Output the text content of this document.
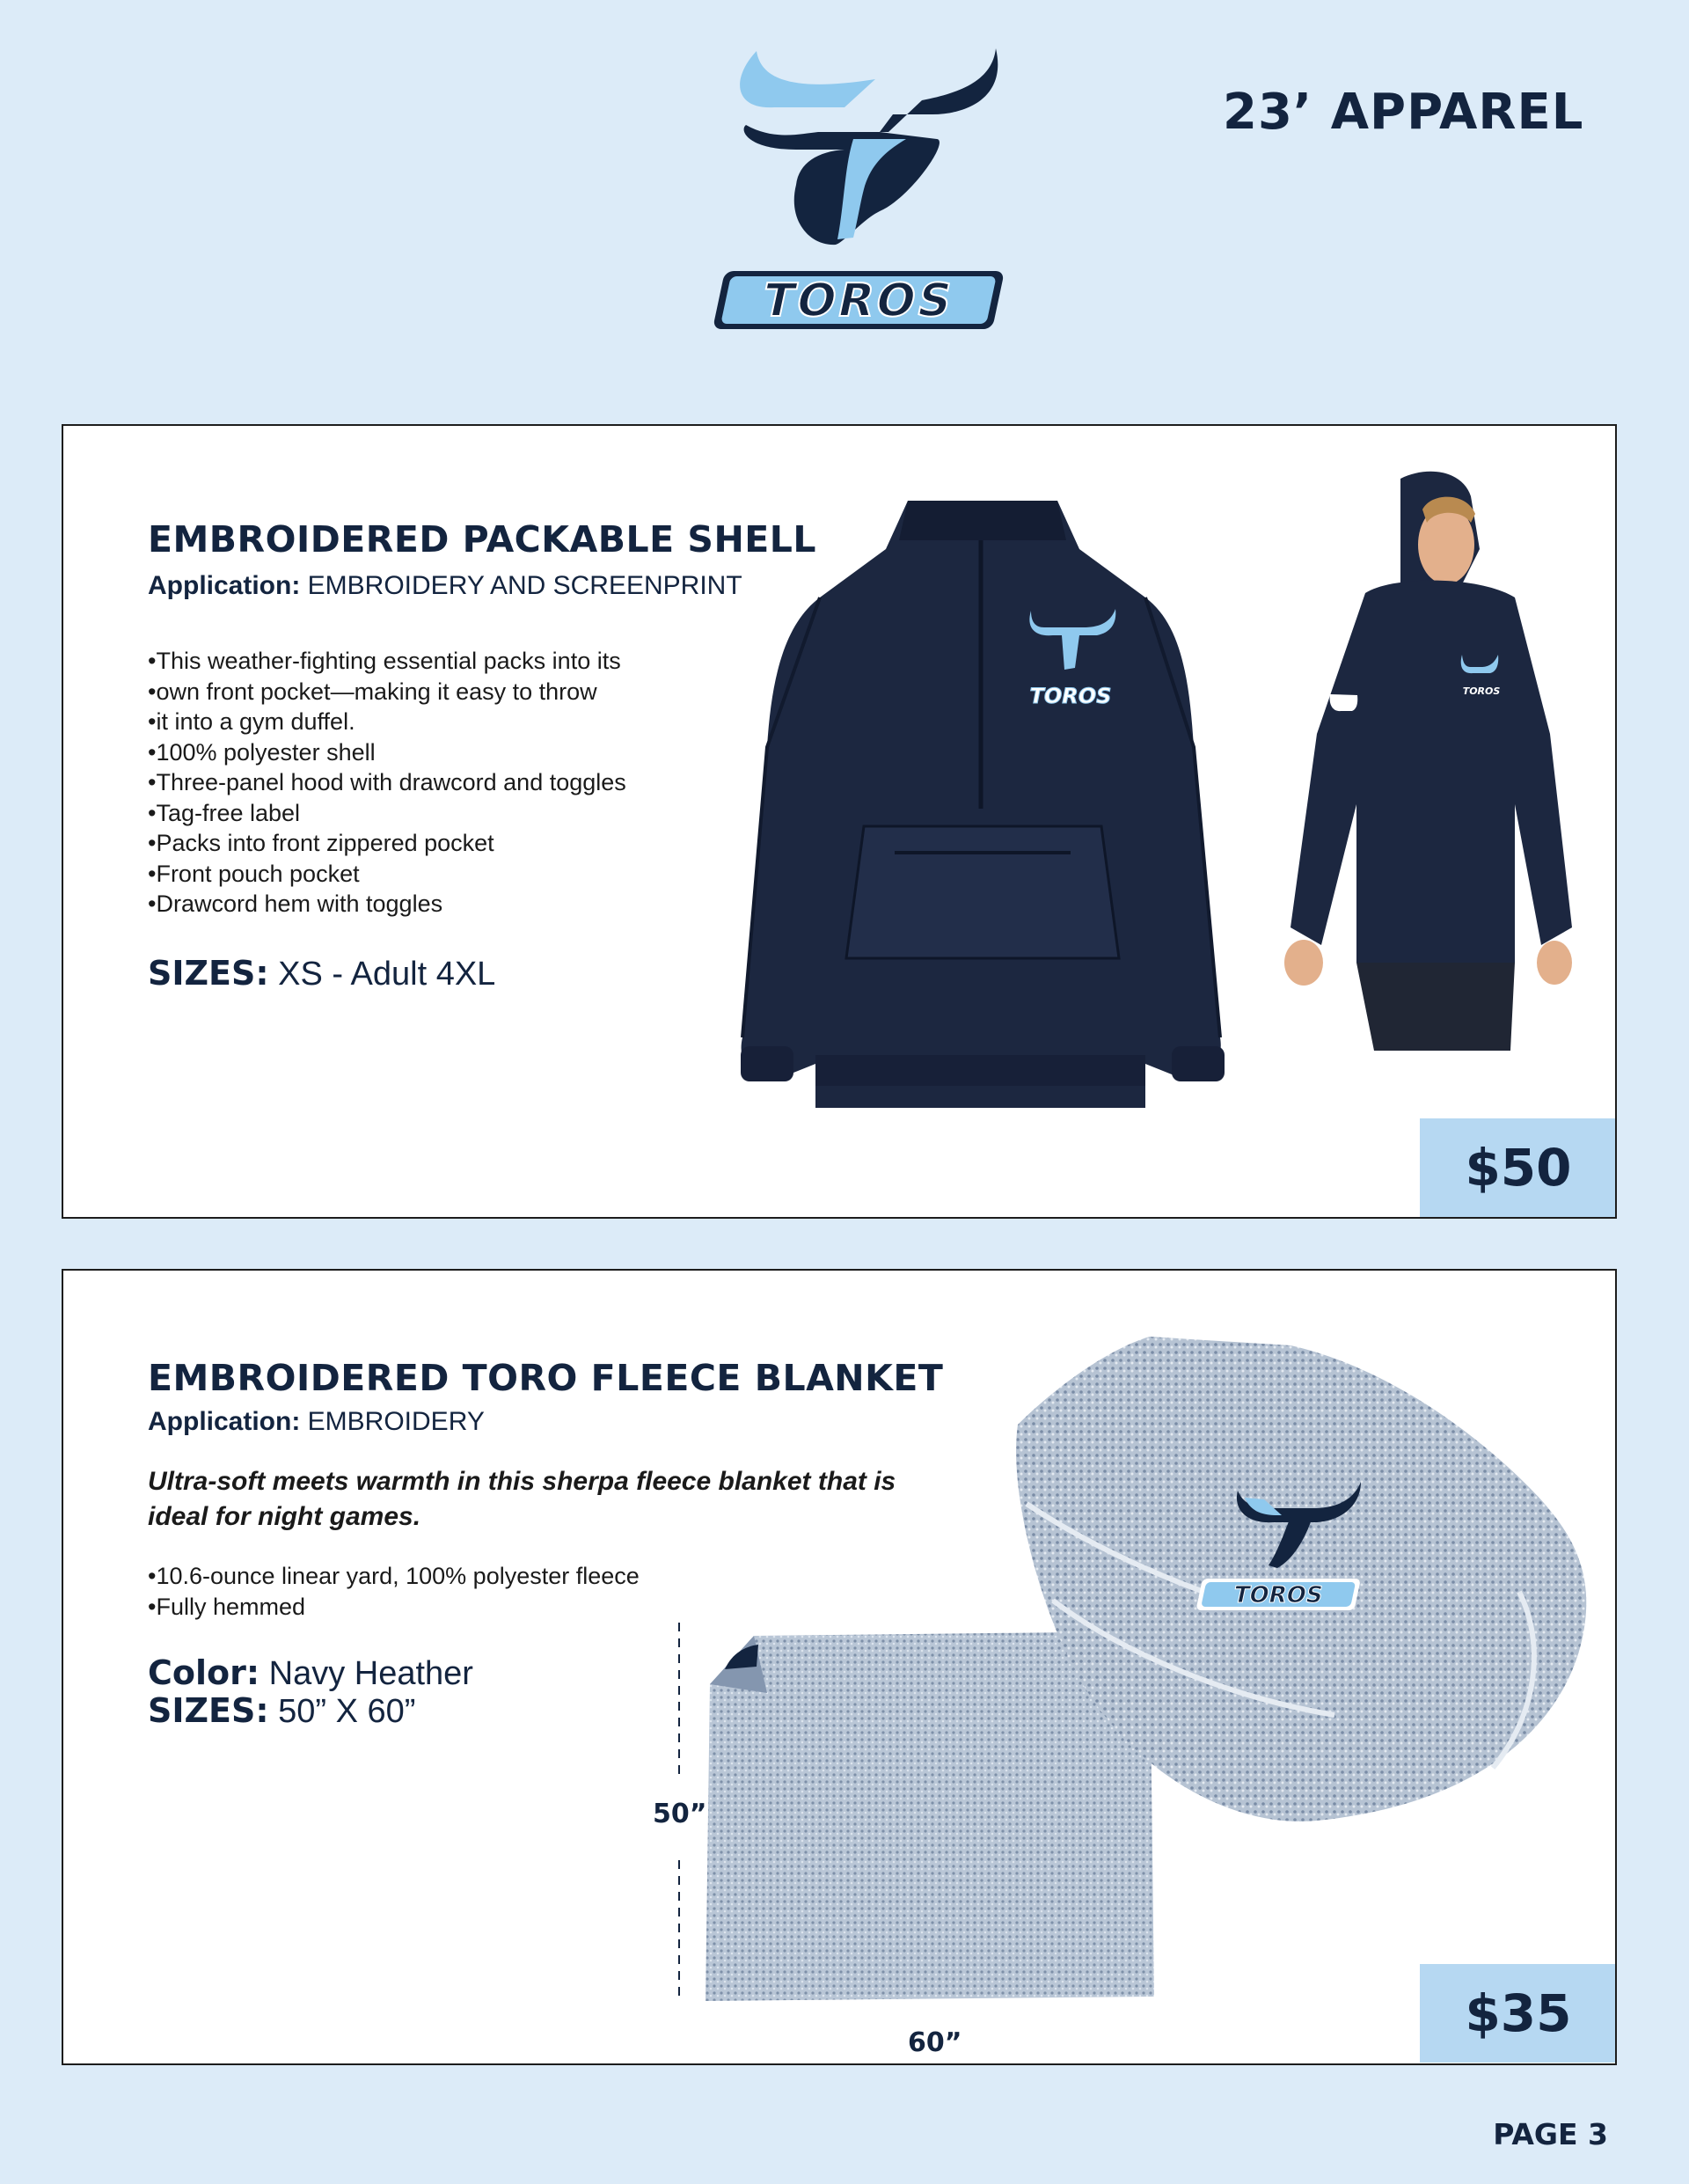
TOROS
23’ APPAREL
EMBROIDERED PACKABLE SHELL
Application: EMBROIDERY AND SCREENPRINT
• This weather-fighting essential packs into its
• own front pocket—making it easy to throw
• it into a gym duffel.
• 100% polyester shell
• Three-panel hood with drawcord and toggles
• Tag-free label
• Packs into front zippered pocket
• Front pouch pocket
• Drawcord hem with toggles
SIZES: XS - Adult 4XL
TOROS	TOROS
$50
EMBROIDERED TORO FLEECE BLANKET
Application: EMBROIDERY
Ultra-soft meets warmth in this sherpa fleece blanket that is ideal for night games.
• 10.6-ounce linear yard, 100% polyester fleece
• Fully hemmed
Color: Navy Heather
SIZES: 50” X 60”
50”
60”
TOROS
$35
PAGE 3
